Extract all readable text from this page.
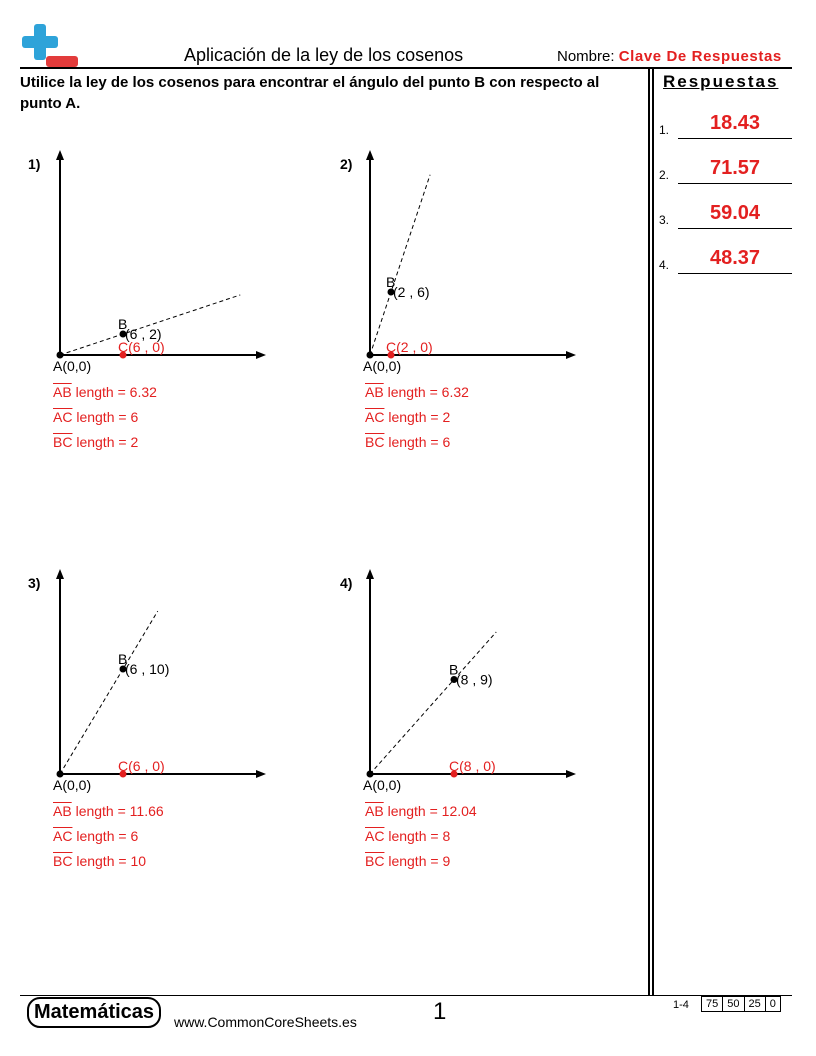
Aplicación de la ley de los cosenos	Nombre: Clave De Respuestas
Utilice la ley de los cosenos para encontrar el ángulo del punto B con respecto al punto A.
Respuestas
1.	18.43
2.	71.57
3.	59.04
4.	48.37
1)
A(0,0)
B
(6 , 2)
C(6 , 0)
$\overline{AB}$ length = 6.32
$\overline{AC}$ length = 6
$\overline{BC}$ length = 2
2)
A(0,0)
B
(2 , 6)
C(2 , 0)
$\overline{AB}$ length = 6.32
$\overline{AC}$ length = 2
$\overline{BC}$ length = 6
3)
A(0,0)
B
(6 , 10)
C(6 , 0)
$\overline{AB}$ length = 11.66
$\overline{AC}$ length = 6
$\overline{BC}$ length = 10
4)
A(0,0)
B
(8 , 9)
C(8 , 0)
$\overline{AB}$ length = 12.04
$\overline{AC}$ length = 8
$\overline{BC}$ length = 9
Matemáticas	www.CommonCoreSheets.es	1	1-4 75	50	25	0
